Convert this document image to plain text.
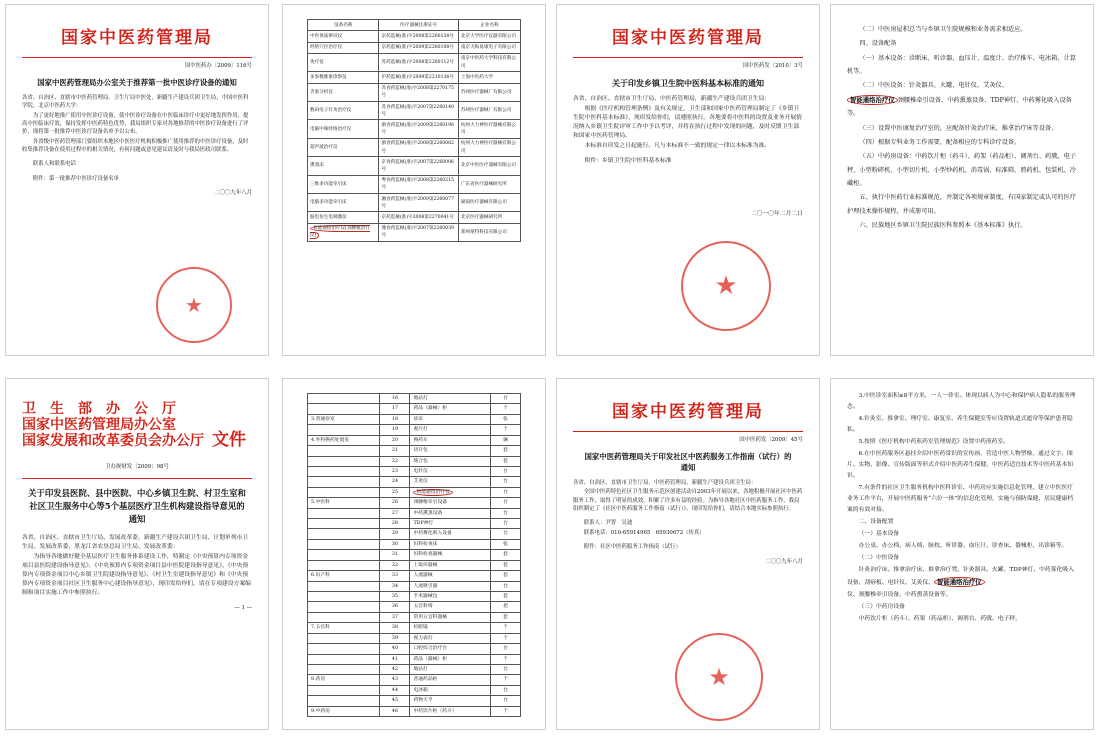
国家中医药管理局
国中医药办〔2009〕116号
国家中医药管理局办公室关于推荐第一批中医诊疗设备的通知

各省、自治区、直辖市中医药管理局、卫生厅局中医处，新疆生产建设兵团卫生局，中国中医科学院，北京中医药大学：

为了更好地推广使用中医诊疗设备，使中医诊疗设备在中医临床诊疗中更好地发挥作用，提高中医临床疗效，保持发挥中医药特色优势，我局组织专家对各地推荐的中医诊疗设备进行了评价，现将第一批推荐中医诊疗设备名单予以公布。

各省级中医药管理部门要组织本地区中医医疗机构积极推广使用推荐的中医诊疗设备，及时收集推荐设备在使用过程中的相关情况，有何问题或意见建议请及时与我局医政司联系。

联系人和联系电话

附件：第一批推荐中医诊疗设备名单

二〇〇九年八月

★
设备名称	医疗器械注册证号	企业名称
中医体质辨识仪	京药监械(准)字2008第2260138号	北京大学医疗仪器有限公司
经络穴位治疗仪	京药监械(准)字2009第2260108号	南京天纵易康电子有限公司
灸疗仪	苏药监械(准)字2008第2260112号	南京中医药大学科技有限公司
多参数脉象诊察仪	沪药监械(准)字2009第2210136号	上海中医药大学
舌象分析仪	苏食药监械(准)字2008第2270175号	苏州医疗器械厂有限公司
数码电子针灸治疗仪	苏食药监械(准)字2007第2260140号	苏州医疗器械厂有限公司
电脑中频经络治疗仪	浙食药监械(准)字2009第2260196号	杭州大力神医疗器械有限公司
超声波治疗仪	浙食药监械(准)字2008第2260082号	杭州大力神医疗器械有限公司
熏蒸床	京食药监械(准)字2007第2260006号	北京中医医疗器械有限公司
三维多功能牵引床	粤食药监械(准)字2008第2260215号	广东省医疗器械研究所
电脑多功能牵引床	湘食药监械(准)字2009第2260077号	湖南医疗器械有限公司
脑电仿生电刺激仪	京药监械(准)字2008第2270041号	北京医疗器械研究所
智能通络治疗仪(颈腰椎治疗仪)	豫食药监械(准)字2007第2260039号	郑州蒙特科技有限公司
国家中医药管理局
国中医药发〔2010〕3号
关于印发乡镇卫生院中医科基本标准的通知

各省、自治区、直辖市卫生厅局、中医药管理局，新疆生产建设兵团卫生局：

根据《医疗机构管理条例》及有关规定，卫生部和国家中医药管理局制定了《乡镇卫生院中医科基本标准》，现印发给你们，请遵照执行。各地要将中医科的设置及业务开展情况纳入乡镇卫生院评审工作中予以考评，并将在执行过程中发现的问题，及时反馈卫生部和国家中医药管理局。

本标准自印发之日起施行。凡与本标准不一致的规定一律以本标准为准。

附件：乡镇卫生院中医科基本标准

二〇一〇年二月二日

★

（二）中医房屋积总当与乡镇卫生院规模和业务需求相适应。

四、设备配备

（一）基本设备：诊断床、听诊器、血压计、温度计、治疗推车、电冰箱、计算机等。

（二）中医设备：针灸器具、火罐、电针仪、艾灸仪、

智能通络治疗仪 颈腰椎牵引设备、中药熏蒸设备、TDP神灯、中药雾化吸入设备等。

（三）设置中医康复治疗室的，应配备针灸治疗床、推拿治疗床等设备。

（四）根据专科业务工作需要，配备相应的专科诊疗设备。

（五）中药房设备：中药饮片柜（药斗）、药架（药品柜）、调剂台、药戥、电子秤、小型粉碎机、小型切片机、小型炒药机、消毒锅、标准筛、煎药机、包装机、冷藏柜。

五、执行中医药行业标准规范，并制定各项规章制度，有国家制定或认可的医疗护理技术操作规程，并成册可用。

六、民族地区乡镇卫生院民族医科参照本《基本标准》执行。

卫　生　部　办　公　厅
国家中医药管理局办公室
国家发展和改革委员会办公厅 文件
卫办规财发〔2009〕98号
关于印发县医院、县中医院、中心乡镇卫生院、村卫生室和社区卫生服务中心等5个基层医疗卫生机构建设指导意见的通知

各省、自治区、直辖市卫生厅局、发展改革委，新疆生产建设兵团卫生局、计划单列市卫生局、发展改革委，黑龙江省农垦总局卫生局、发展改革委：

为指导各地做好健全基层医疗卫生服务体系建设工作，特制定《中央预算内专项资金项目县医院建设指导意见》、《中央预算内专项资金项目县中医院建设指导意见》、《中央预算内专项资金项目中心乡镇卫生院建设指导意见》、《村卫生室建设指导意见》和《中央预算内专项资金项目社区卫生服务中心建设指导意见》，现印发给你们，请在专项建设方案编制和项目实施工作中参照执行。

— 1 —

	16	地站灯	台
	17	药品（器械）柜	个
3.普通诊室	18	诊床	张
	19	观片灯	个
4.外科换药处置室	20	换药车	辆
	21	切开包	套
	22	缝合包	套
	23	电针仪	台
	24	艾灸仪	台
	25	智能通络治疗仪	台
5.中医科	26	颈腰椎牵引设备	台
	27	中药熏蒸设备	台
	28	TDP神灯	台
	29	中药雾化吸入设备	台
	30	妇科检查床	张
	31	妇科检查器械	套
	32	上取环器械	套
6.妇产科	33	人流器械	套
	34	人流吸引器	台
	35	手术器械包	套
	36	五官科椅	把
	37	常用五官科器械	套
7.五官科	38	检眼镜	个
	39	视力表灯	个
	40	口腔综合治疗台	台
	41	药品（器械）柜	个
	42	地站灯	台
8.药房	43	普通药品柜	个
	44	电冰箱	台
	45	药物天平	台
9.中药房	46	中药饮片柜（药斗）	个
国家中医药管理局
国中医药发〔2009〕45号
国家中医药管理局关于印发社区中医药服务工作指南（试行）的通知

各省、自治区、直辖市卫生厅局、中医药管理局，新疆生产建设兵团卫生局：

全国中医药特色社区卫生服务示范区创建活动自2003年开展以来，各地积极开展社区中医药服务工作，取得了明显的成效，积累了许多有益的经验。为指导各地社区中医药服务工作，我局组织制定了《社区中医药服务工作指南（试行）》，现印发给你们，请结合本地实际参照执行。

联系人：尹智　吴迪

联系电话：010-65914965　65930672（传真）

附件：社区中医药服务工作指南（试行）

二〇〇九年八月

★

3.中医诊室面积≥8平方米，一人一诊室。体现以病人为中心和保护病人隐私的服务理念。

4.针灸室、推拿室、理疗室、康复室、养生保健室等应设置轨道式遮帘等保护患者隐私。

5.按照《医疗机构中药煎药室管理规范》设置中药煎药室。

6.在中医药服务区悬挂介绍中医药常识的宣传画，营造中医人物塑像，通过文字、图片、实物、影像、宣传版面等形式介绍中医药养生保健、中医药适宜技术等中医药基本知识。

7.有条件的社区卫生服务机构中医科诊室、中药房应实施信息化管理，建立中医医疗业务工作平台，开展中医药服务“六位一体”的信息化管理，实施与预防保健、居民健康档案的有效对接。

二、设备配置

（一）基本设备

办公桌、办公椅、病人椅、脉枕、听诊器、血压计、诊查床、器械柜、出诊箱等。

（二）中医设备

针灸治疗床、推拿治疗床、推拿治疗凳、针灸器具、火罐、TDP神灯、中药雾化吸入设备、刮痧板、电针仪、艾灸仪、 智能通络治疗仪

仪、颈腰椎牵引设备、中药熏蒸设备等。

（三）中药房设备

中药饮片柜（药斗）、药架（药品柜）、调剂台、药戥、电子秤。
